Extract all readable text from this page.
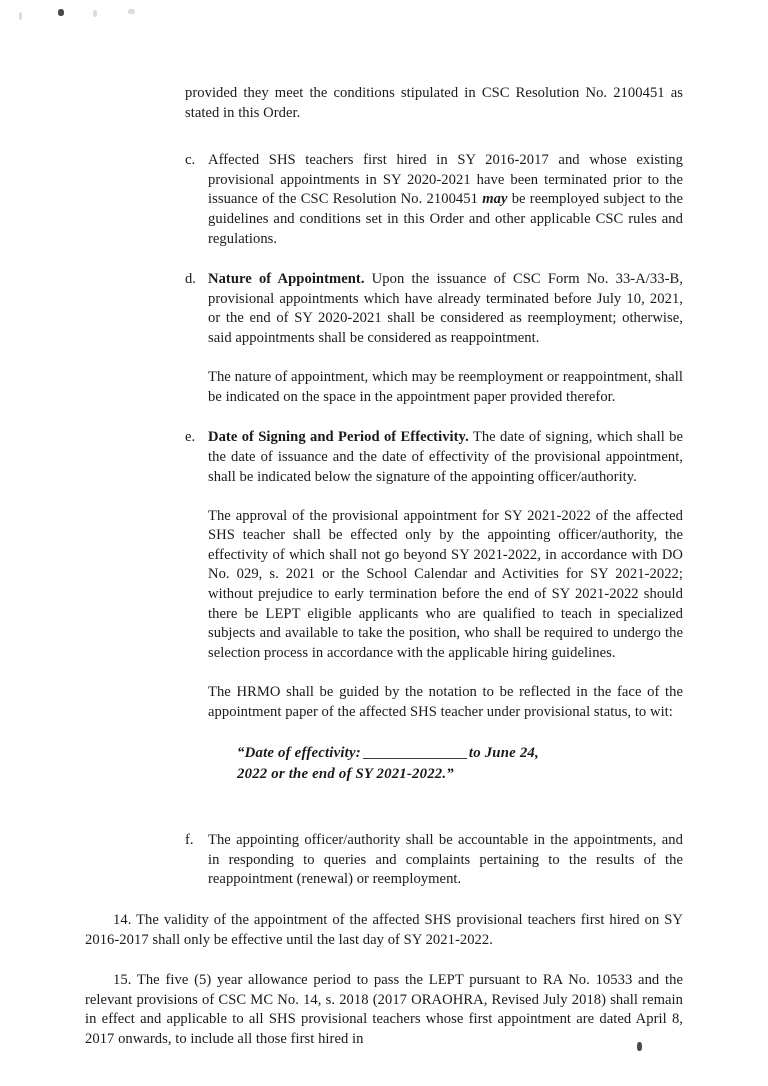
provided they meet the conditions stipulated in CSC Resolution No. 2100451 as stated in this Order.

c. Affected SHS teachers first hired in SY 2016-2017 and whose existing provisional appointments in SY 2020-2021 have been terminated prior to the issuance of the CSC Resolution No. 2100451 may be reemployed subject to the guidelines and conditions set in this Order and other applicable CSC rules and regulations.

d. Nature of Appointment. Upon the issuance of CSC Form No. 33-A/33-B, provisional appointments which have already terminated before July 10, 2021, or the end of SY 2020-2021 shall be considered as reemployment; otherwise, said appointments shall be considered as reappointment.

The nature of appointment, which may be reemployment or reappointment, shall be indicated on the space in the appointment paper provided therefor.

e. Date of Signing and Period of Effectivity. The date of signing, which shall be the date of issuance and the date of effectivity of the provisional appointment, shall be indicated below the signature of the appointing officer/authority.

The approval of the provisional appointment for SY 2021-2022 of the affected SHS teacher shall be effected only by the appointing officer/authority, the effectivity of which shall not go beyond SY 2021-2022, in accordance with DO No. 029, s. 2021 or the School Calendar and Activities for SY 2021-2022; without prejudice to early termination before the end of SY 2021-2022 should there be LEPT eligible applicants who are qualified to teach in specialized subjects and available to take the position, who shall be required to undergo the selection process in accordance with the applicable hiring guidelines.

The HRMO shall be guided by the notation to be reflected in the face of the appointment paper of the affected SHS teacher under provisional status, to wit:

“Date of effectivity:	to June 24,
2022 or the end of SY 2021-2022.”
f. The appointing officer/authority shall be accountable in the appointments, and in responding to queries and complaints pertaining to the results of the reappointment (renewal) or reemployment.

14. The validity of the appointment of the affected SHS provisional teachers first hired on SY 2016-2017 shall only be effective until the last day of SY 2021-2022.

15. The five (5) year allowance period to pass the LEPT pursuant to RA No. 10533 and the relevant provisions of CSC MC No. 14, s. 2018 (2017 ORAOHRA, Revised July 2018) shall remain in effect and applicable to all SHS provisional teachers whose first appointment are dated April 8, 2017 onwards, to include all those first hired in
